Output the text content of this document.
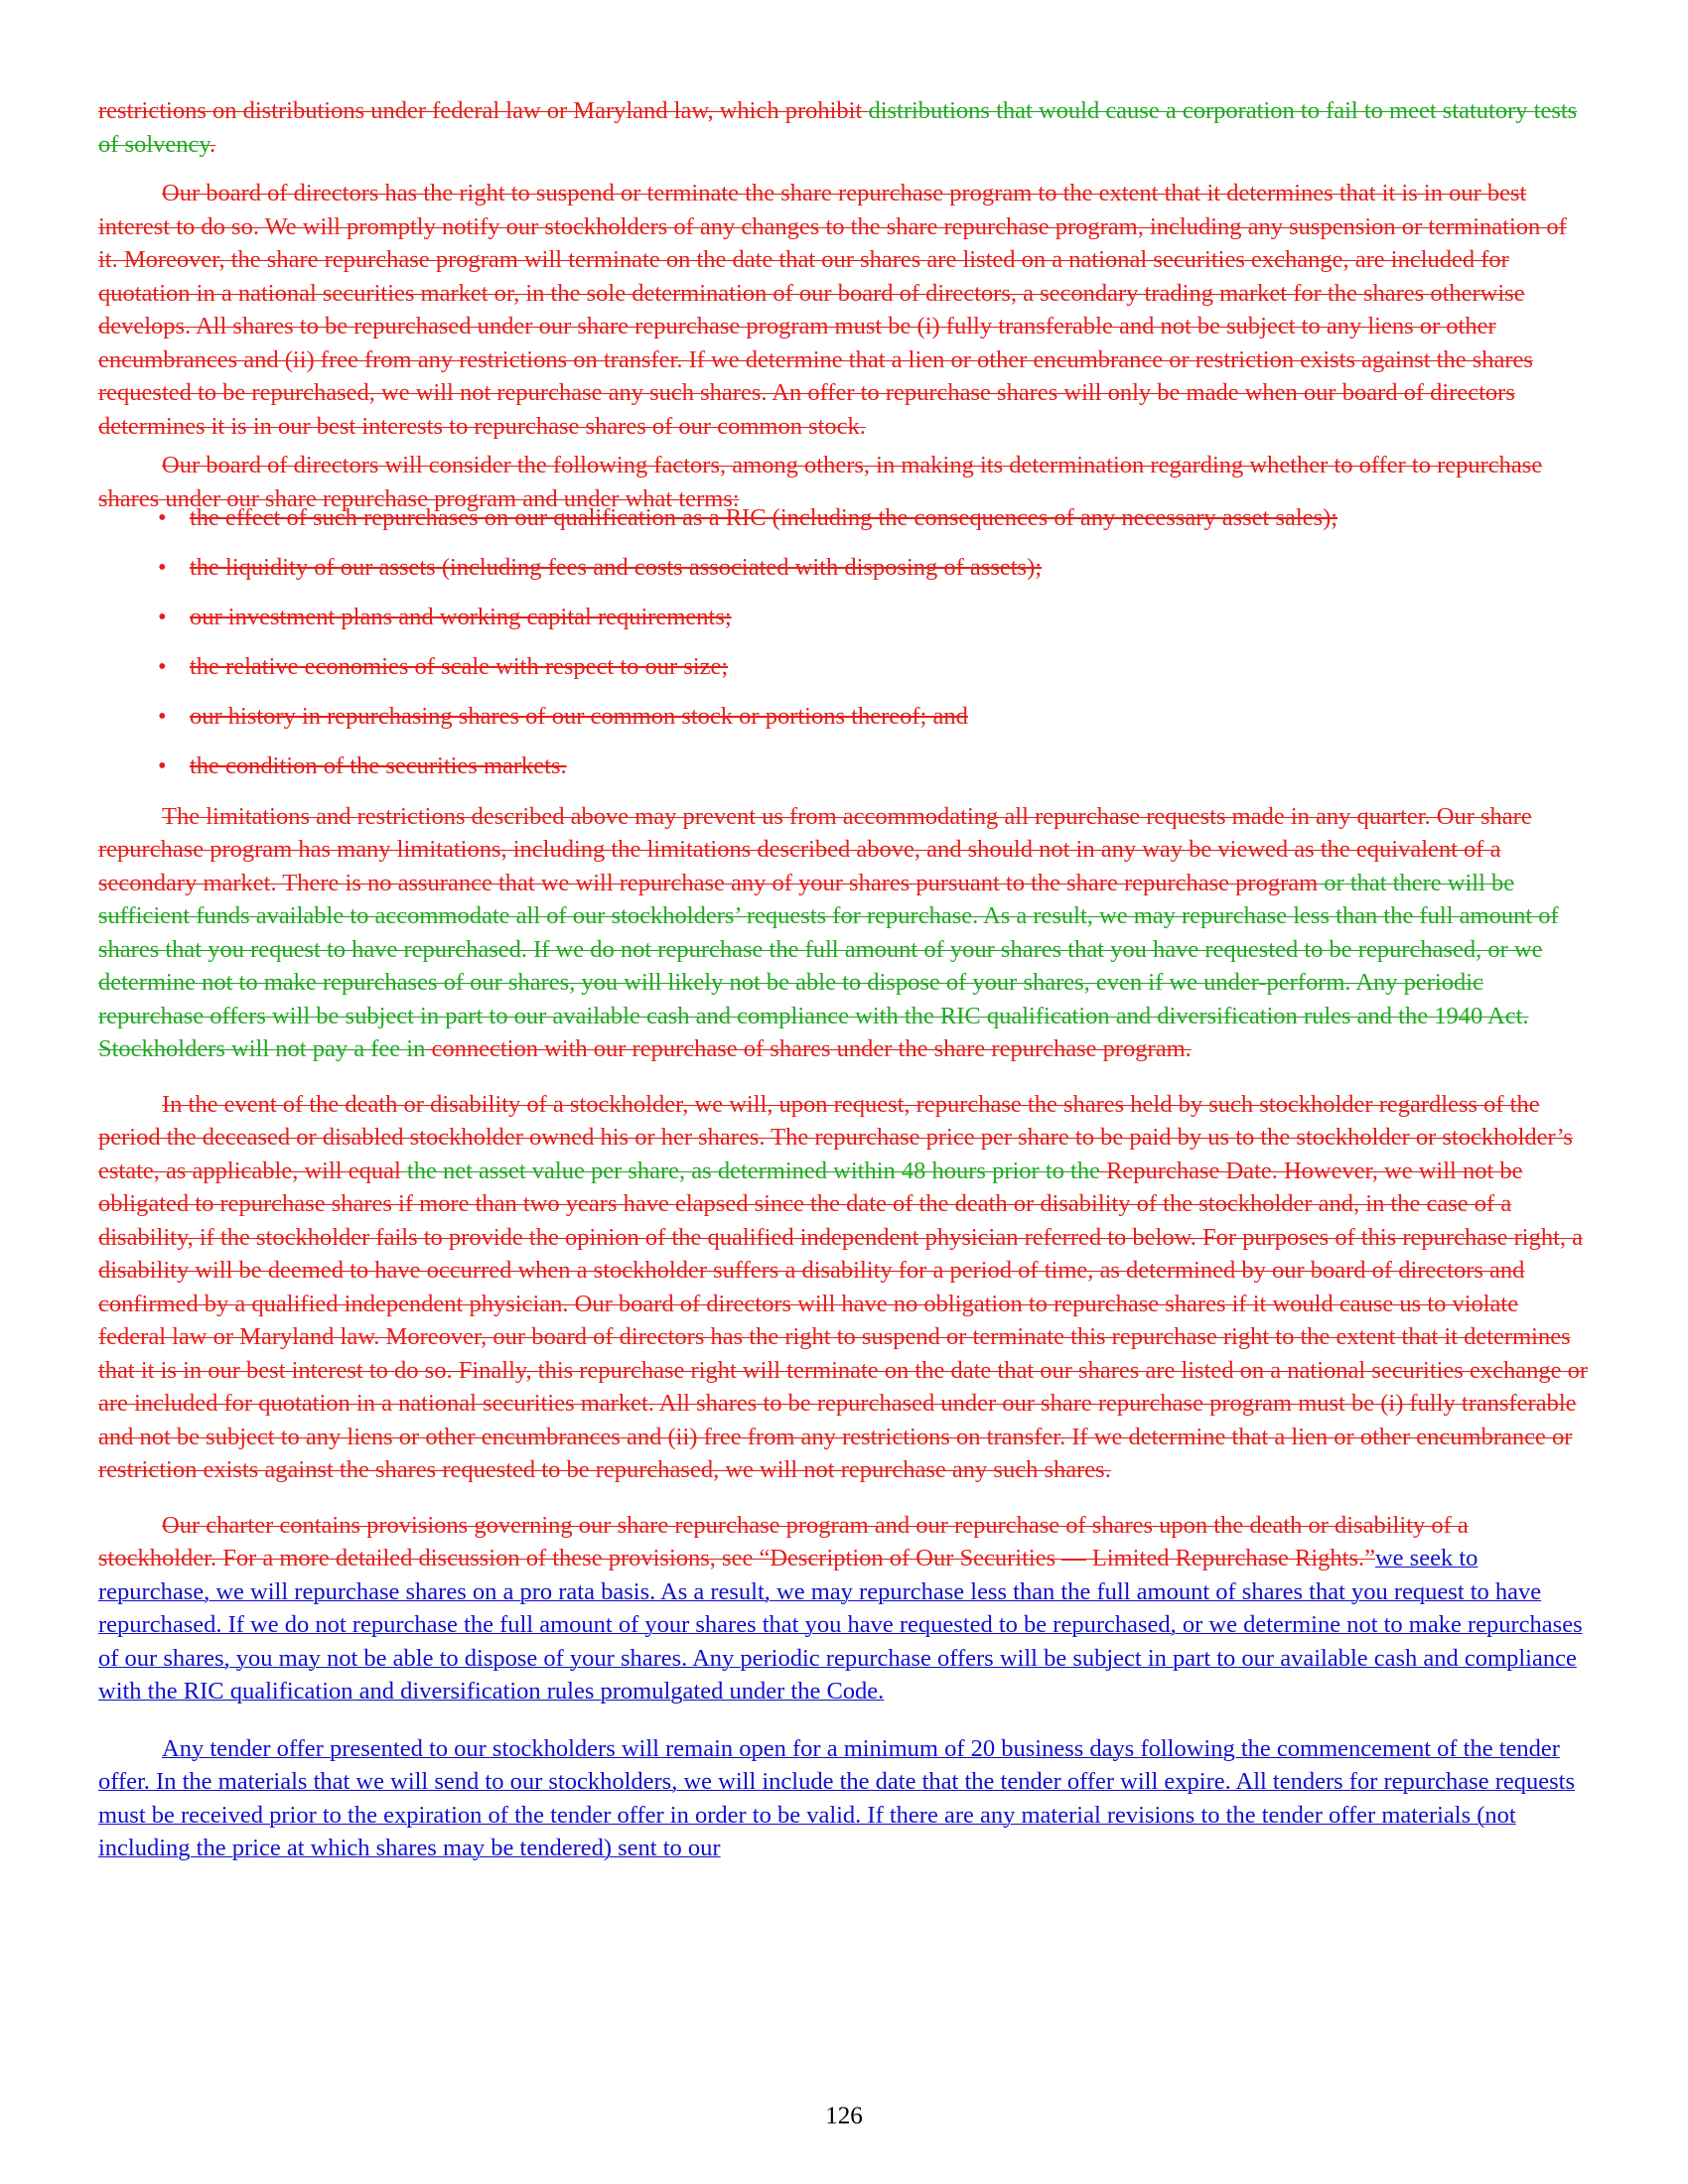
restrictions on distributions under federal law or Maryland law, which prohibit distributions that would cause a corporation to fail to meet statutory tests of solvency.

Our board of directors has the right to suspend or terminate the share repurchase program to the extent that it determines that it is in our best interest to do so. We will promptly notify our stockholders of any changes to the share repurchase program, including any suspension or termination of it. Moreover, the share repurchase program will terminate on the date that our shares are listed on a national securities exchange, are included for quotation in a national securities market or, in the sole determination of our board of directors, a secondary trading market for the shares otherwise develops. All shares to be repurchased under our share repurchase program must be (i) fully transferable and not be subject to any liens or other encumbrances and (ii) free from any restrictions on transfer. If we determine that a lien or other encumbrance or restriction exists against the shares requested to be repurchased, we will not repurchase any such shares. An offer to repurchase shares will only be made when our board of directors determines it is in our best interests to repurchase shares of our common stock.

Our board of directors will consider the following factors, among others, in making its determination regarding whether to offer to repurchase shares under our share repurchase program and under what terms:

• the effect of such repurchases on our qualification as a RIC (including the consequences of any necessary asset sales);
• the liquidity of our assets (including fees and costs associated with disposing of assets);
• our investment plans and working capital requirements;
• the relative economies of scale with respect to our size;
• our history in repurchasing shares of our common stock or portions thereof; and
• the condition of the securities markets.

The limitations and restrictions described above may prevent us from accommodating all repurchase requests made in any quarter. Our share repurchase program has many limitations, including the limitations described above, and should not in any way be viewed as the equivalent of a secondary market. There is no assurance that we will repurchase any of your shares pursuant to the share repurchase program or that there will be sufficient funds available to accommodate all of our stockholders’ requests for repurchase. As a result, we may repurchase less than the full amount of shares that you request to have repurchased. If we do not repurchase the full amount of your shares that you have requested to be repurchased, or we determine not to make repurchases of our shares, you will likely not be able to dispose of your shares, even if we under-perform. Any periodic repurchase offers will be subject in part to our available cash and compliance with the RIC qualification and diversification rules and the 1940 Act. Stockholders will not pay a fee in connection with our repurchase of shares under the share repurchase program.

In the event of the death or disability of a stockholder, we will, upon request, repurchase the shares held by such stockholder regardless of the period the deceased or disabled stockholder owned his or her shares. The repurchase price per share to be paid by us to the stockholder or stockholder’s estate, as applicable, will equal the net asset value per share, as determined within 48 hours prior to the Repurchase Date. However, we will not be obligated to repurchase shares if more than two years have elapsed since the date of the death or disability of the stockholder and, in the case of a disability, if the stockholder fails to provide the opinion of the qualified independent physician referred to below. For purposes of this repurchase right, a disability will be deemed to have occurred when a stockholder suffers a disability for a period of time, as determined by our board of directors and confirmed by a qualified independent physician. Our board of directors will have no obligation to repurchase shares if it would cause us to violate federal law or Maryland law. Moreover, our board of directors has the right to suspend or terminate this repurchase right to the extent that it determines that it is in our best interest to do so. Finally, this repurchase right will terminate on the date that our shares are listed on a national securities exchange or are included for quotation in a national securities market. All shares to be repurchased under our share repurchase program must be (i) fully transferable and not be subject to any liens or other encumbrances and (ii) free from any restrictions on transfer. If we determine that a lien or other encumbrance or restriction exists against the shares requested to be repurchased, we will not repurchase any such shares.

Our charter contains provisions governing our share repurchase program and our repurchase of shares upon the death or disability of a stockholder. For a more detailed discussion of these provisions, see “Description of Our Securities — Limited Repurchase Rights.”we seek to repurchase, we will repurchase shares on a pro rata basis. As a result, we may repurchase less than the full amount of shares that you request to have repurchased. If we do not repurchase the full amount of your shares that you have requested to be repurchased, or we determine not to make repurchases of our shares, you may not be able to dispose of your shares. Any periodic repurchase offers will be subject in part to our available cash and compliance with the RIC qualification and diversification rules promulgated under the Code.

Any tender offer presented to our stockholders will remain open for a minimum of 20 business days following the commencement of the tender offer. In the materials that we will send to our stockholders, we will include the date that the tender offer will expire. All tenders for repurchase requests must be received prior to the expiration of the tender offer in order to be valid. If there are any material revisions to the tender offer materials (not including the price at which shares may be tendered) sent to our

126
